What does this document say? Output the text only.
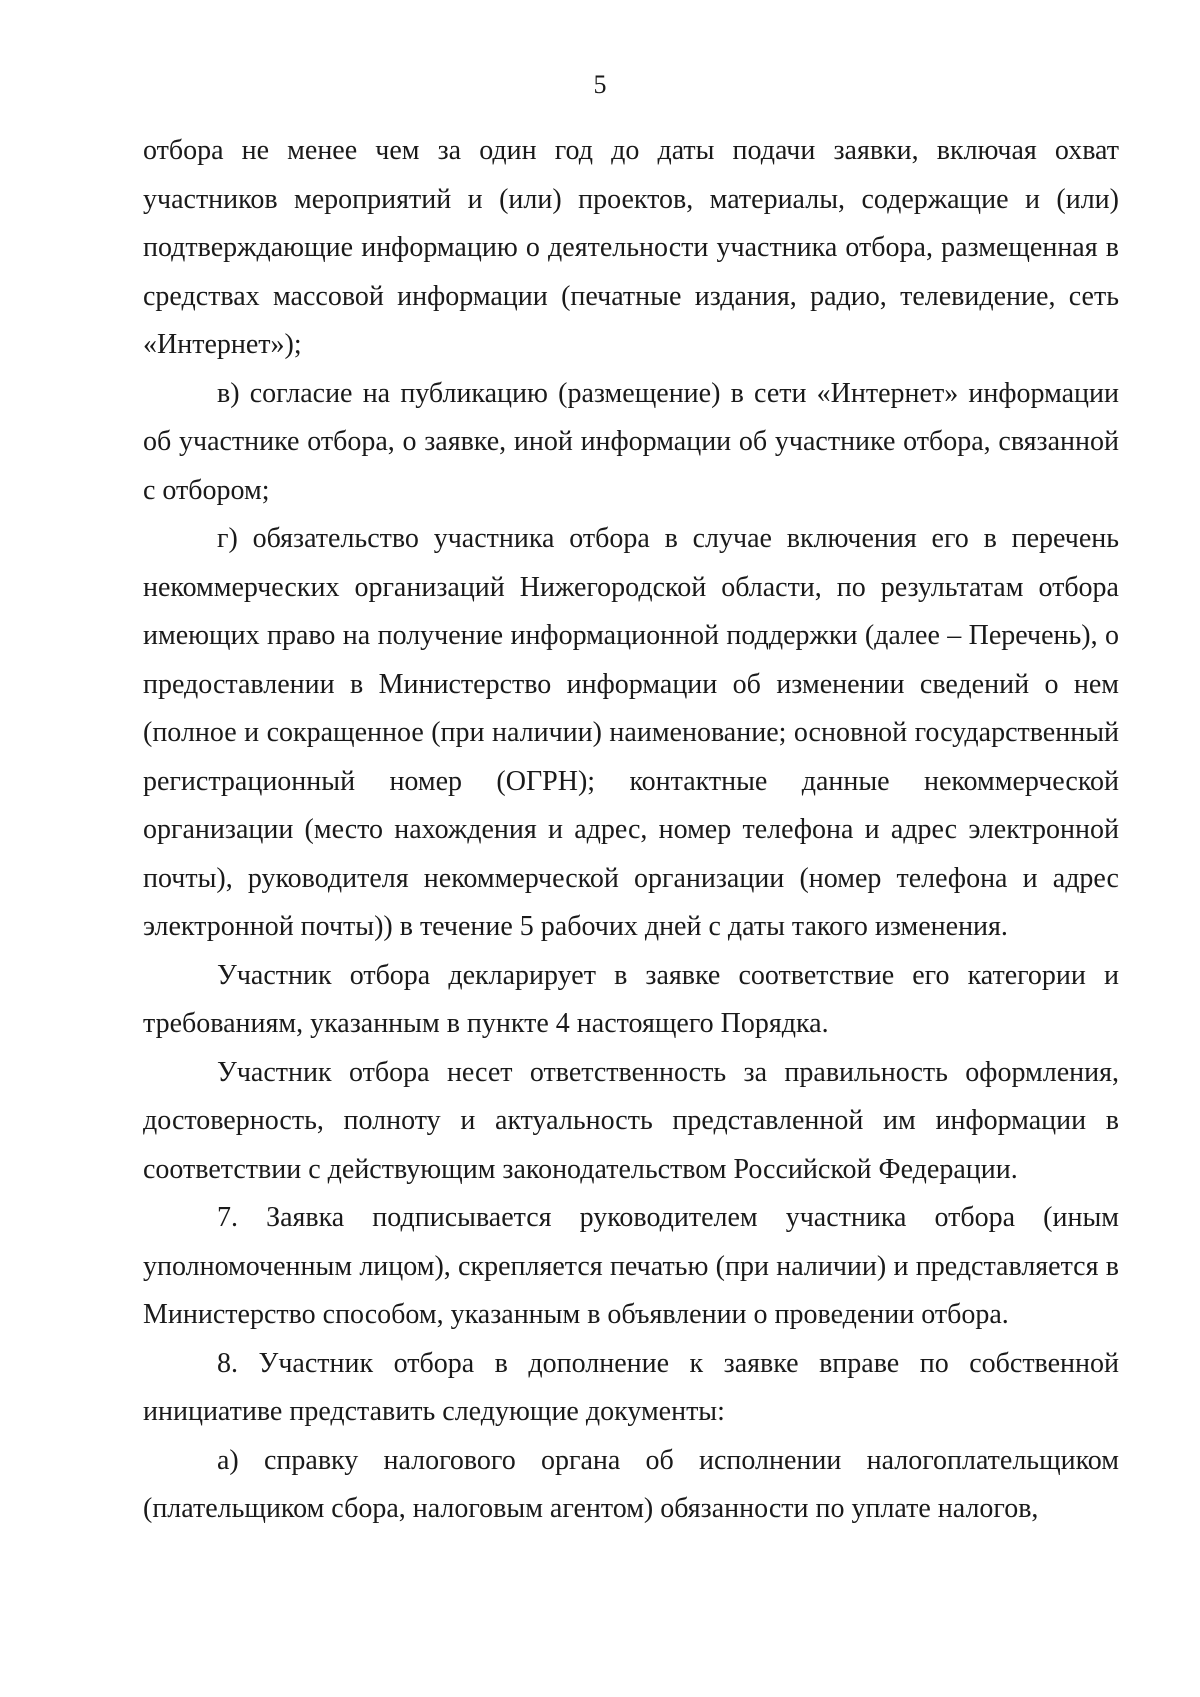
5

отбора не менее чем за один год до даты подачи заявки, включая охват участников мероприятий и (или) проектов, материалы, содержащие и (или) подтверждающие информацию о деятельности участника отбора, размещенная в средствах массовой информации (печатные издания, радио, телевидение, сеть «Интернет»);

в) согласие на публикацию (размещение) в сети «Интернет» информации об участнике отбора, о заявке, иной информации об участнике отбора, связанной с отбором;

г) обязательство участника отбора в случае включения его в перечень некоммерческих организаций Нижегородской области, по результатам отбора имеющих право на получение информационной поддержки (далее – Перечень), о предоставлении в Министерство информации об изменении сведений о нем (полное и сокращенное (при наличии) наименование; основной государственный регистрационный номер (ОГРН); контактные данные некоммерческой организации (место нахождения и адрес, номер телефона и адрес электронной почты), руководителя некоммерческой организации (номер телефона и адрес электронной почты)) в течение 5 рабочих дней с даты такого изменения.

Участник отбора декларирует в заявке соответствие его категории и требованиям, указанным в пункте 4 настоящего Порядка.

Участник отбора несет ответственность за правильность оформления, достоверность, полноту и актуальность представленной им информации в соответствии с действующим законодательством Российской Федерации.

7. Заявка подписывается руководителем участника отбора (иным уполномоченным лицом), скрепляется печатью (при наличии) и представляется в Министерство способом, указанным в объявлении о проведении отбора.

8. Участник отбора в дополнение к заявке вправе по собственной инициативе представить следующие документы:

а) справку налогового органа об исполнении налогоплательщиком (плательщиком сбора, налоговым агентом) обязанности по уплате налогов,
